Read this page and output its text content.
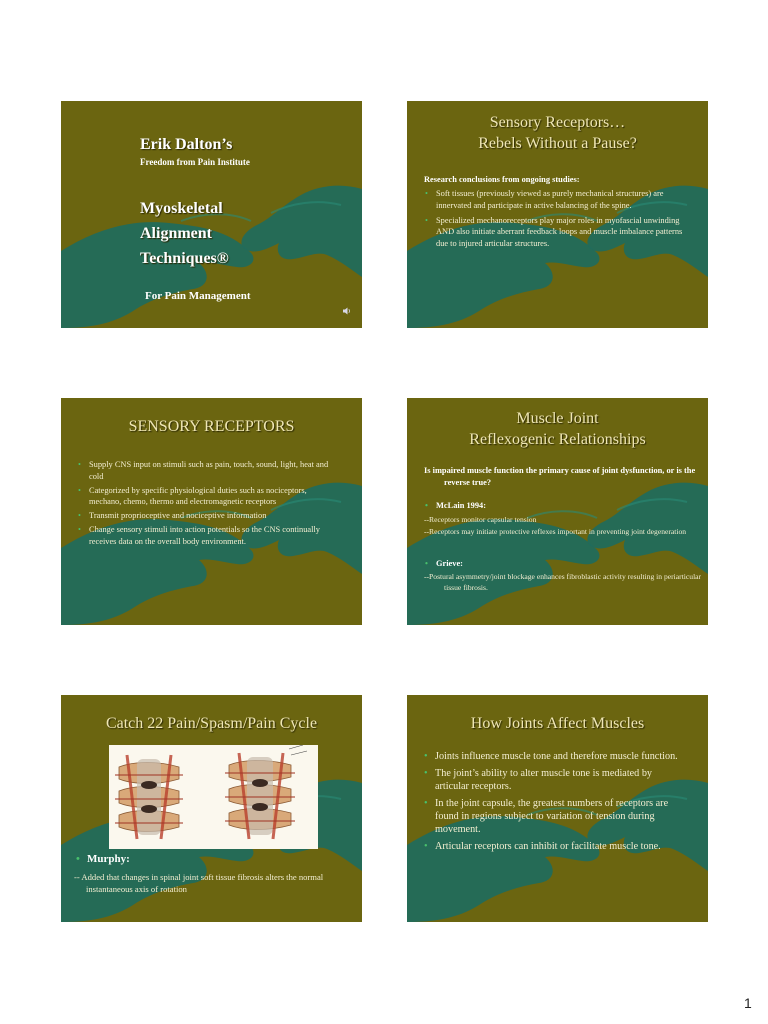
Erik Dalton’s
Freedom from Pain Institute
Myoskeletal
Alignment
Techniques®
For Pain Management
Sensory Receptors…
Rebels Without a Pause?
Research conclusions from ongoing studies:
• Soft tissues (previously viewed as purely mechanical structures) are innervated and participate in active balancing of the spine.
• Specialized mechanoreceptors play major roles in myofascial unwinding AND also initiate aberrant feedback loops and muscle imbalance patterns due to injured articular structures.
SENSORY RECEPTORS
• Supply CNS input on stimuli such as pain, touch, sound, light, heat and cold
• Categorized by specific physiological duties such as nociceptors, mechano, chemo, thermo and electromagnetic receptors
• Transmit proprioceptive and nociceptive information
• Change sensory stimuli into action potentials so the CNS continually receives data on the overall body environment.
Muscle Joint
Reflexogenic Relationships
Is impaired muscle function the primary cause of joint dysfunction, or is the reverse true?
• McLain 1994:
--Receptors monitor capsular tension
--Receptors may initiate protective reflexes important in preventing joint degeneration
• Grieve:
--Postural asymmetry/joint blockage enhances fibroblastic activity resulting in periarticular tissue fibrosis.
Catch 22 Pain/Spasm/Pain Cycle
• Murphy:
-- Added that changes in spinal joint soft tissue fibrosis alters the normal instantaneous axis of rotation
How Joints Affect Muscles
• Joints influence muscle tone and therefore muscle function.
• The joint’s ability to alter muscle tone is mediated by articular receptors.
• In the joint capsule, the greatest numbers of receptors are found in regions subject to variation of tension during movement.
• Articular receptors can inhibit or facilitate muscle tone.
1
